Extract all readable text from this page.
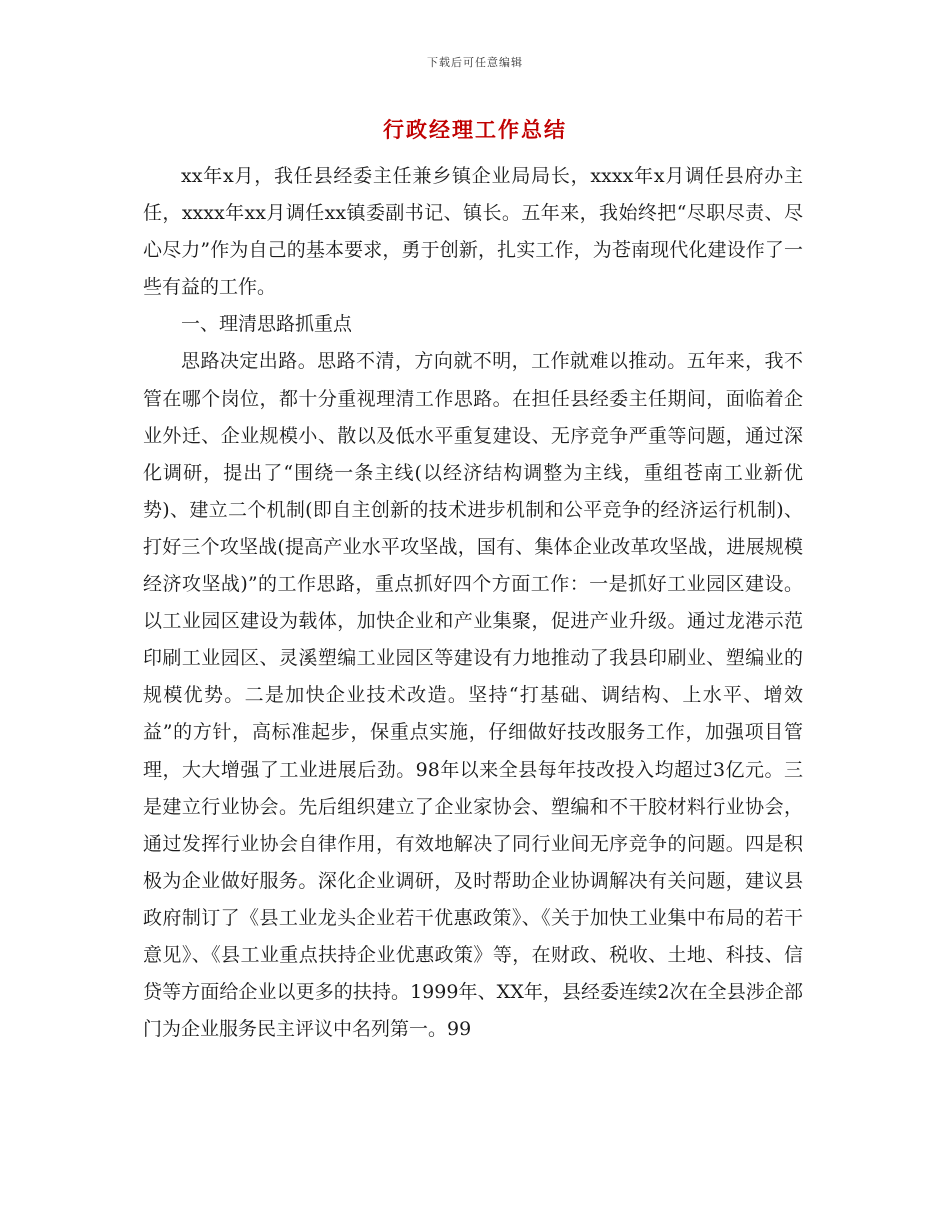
下载后可任意编辑
行政经理工作总结

xx年x月，我任县经委主任兼乡镇企业局局长，xxxx年x月调任县府办主任，xxxx年xx月调任xx镇委副书记、镇长。五年来，我始终把“尽职尽责、尽心尽力”作为自己的基本要求，勇于创新，扎实工作，为苍南现代化建设作了一些有益的工作。

一、理清思路抓重点

思路决定出路。思路不清，方向就不明，工作就难以推动。五年来，我不管在哪个岗位，都十分重视理清工作思路。在担任县经委主任期间，面临着企业外迁、企业规模小、散以及低水平重复建设、无序竞争严重等问题，通过深化调研，提出了“围绕一条主线(以经济结构调整为主线，重组苍南工业新优势)、建立二个机制(即自主创新的技术进步机制和公平竞争的经济运行机制)、打好三个攻坚战(提高产业水平攻坚战，国有、集体企业改革攻坚战，进展规模经济攻坚战)”的工作思路，重点抓好四个方面工作：一是抓好工业园区建设。以工业园区建设为载体，加快企业和产业集聚，促进产业升级。通过龙港示范印刷工业园区、灵溪塑编工业园区等建设有力地推动了我县印刷业、塑编业的规模优势。二是加快企业技术改造。坚持“打基础、调结构、上水平、增效益”的方针，高标准起步，保重点实施，仔细做好技改服务工作，加强项目管理，大大增强了工业进展后劲。98年以来全县每年技改投入均超过3亿元。三是建立行业协会。先后组织建立了企业家协会、塑编和不干胶材料行业协会，通过发挥行业协会自律作用，有效地解决了同行业间无序竞争的问题。四是积极为企业做好服务。深化企业调研，及时帮助企业协调解决有关问题，建议县政府制订了《县工业龙头企业若干优惠政策》、《关于加快工业集中布局的若干意见》、《县工业重点扶持企业优惠政策》等，在财政、税收、土地、科技、信贷等方面给企业以更多的扶持。1999年、XX年，县经委连续2次在全县涉企部门为企业服务民主评议中名列第一。99
